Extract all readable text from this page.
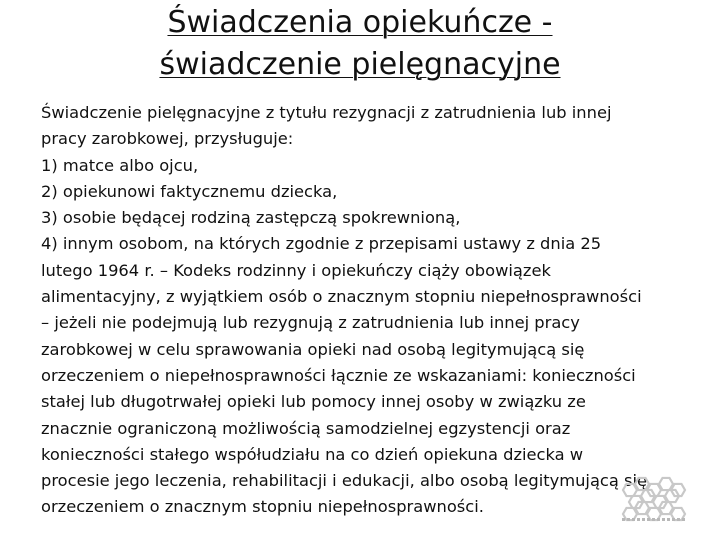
Świadczenia opiekuńcze -
świadczenie pielęgnacyjne
Świadczenie pielęgnacyjne z tytułu rezygnacji z zatrudnienia lub innej
pracy zarobkowej, przysługuje:
1) matce albo ojcu,
2) opiekunowi faktycznemu dziecka,
3) osobie będącej rodziną zastępczą spokrewnioną,
4) innym osobom, na których zgodnie z przepisami ustawy z dnia 25
lutego 1964 r. – Kodeks rodzinny i opiekuńczy ciąży obowiązek
alimentacyjny, z wyjątkiem osób o znacznym stopniu niepełnosprawności
– jeżeli nie podejmują lub rezygnują z zatrudnienia lub innej pracy
zarobkowej w celu sprawowania opieki nad osobą legitymującą się
orzeczeniem o niepełnosprawności łącznie ze wskazaniami: konieczności
stałej lub długotrwałej opieki lub pomocy innej osoby w związku ze
znacznie ograniczoną możliwością samodzielnej egzystencji oraz
konieczności stałego współudziału na co dzień opiekuna dziecka w
procesie jego leczenia, rehabilitacji i edukacji, albo osobą legitymującą się
orzeczeniem o znacznym stopniu niepełnosprawności.
